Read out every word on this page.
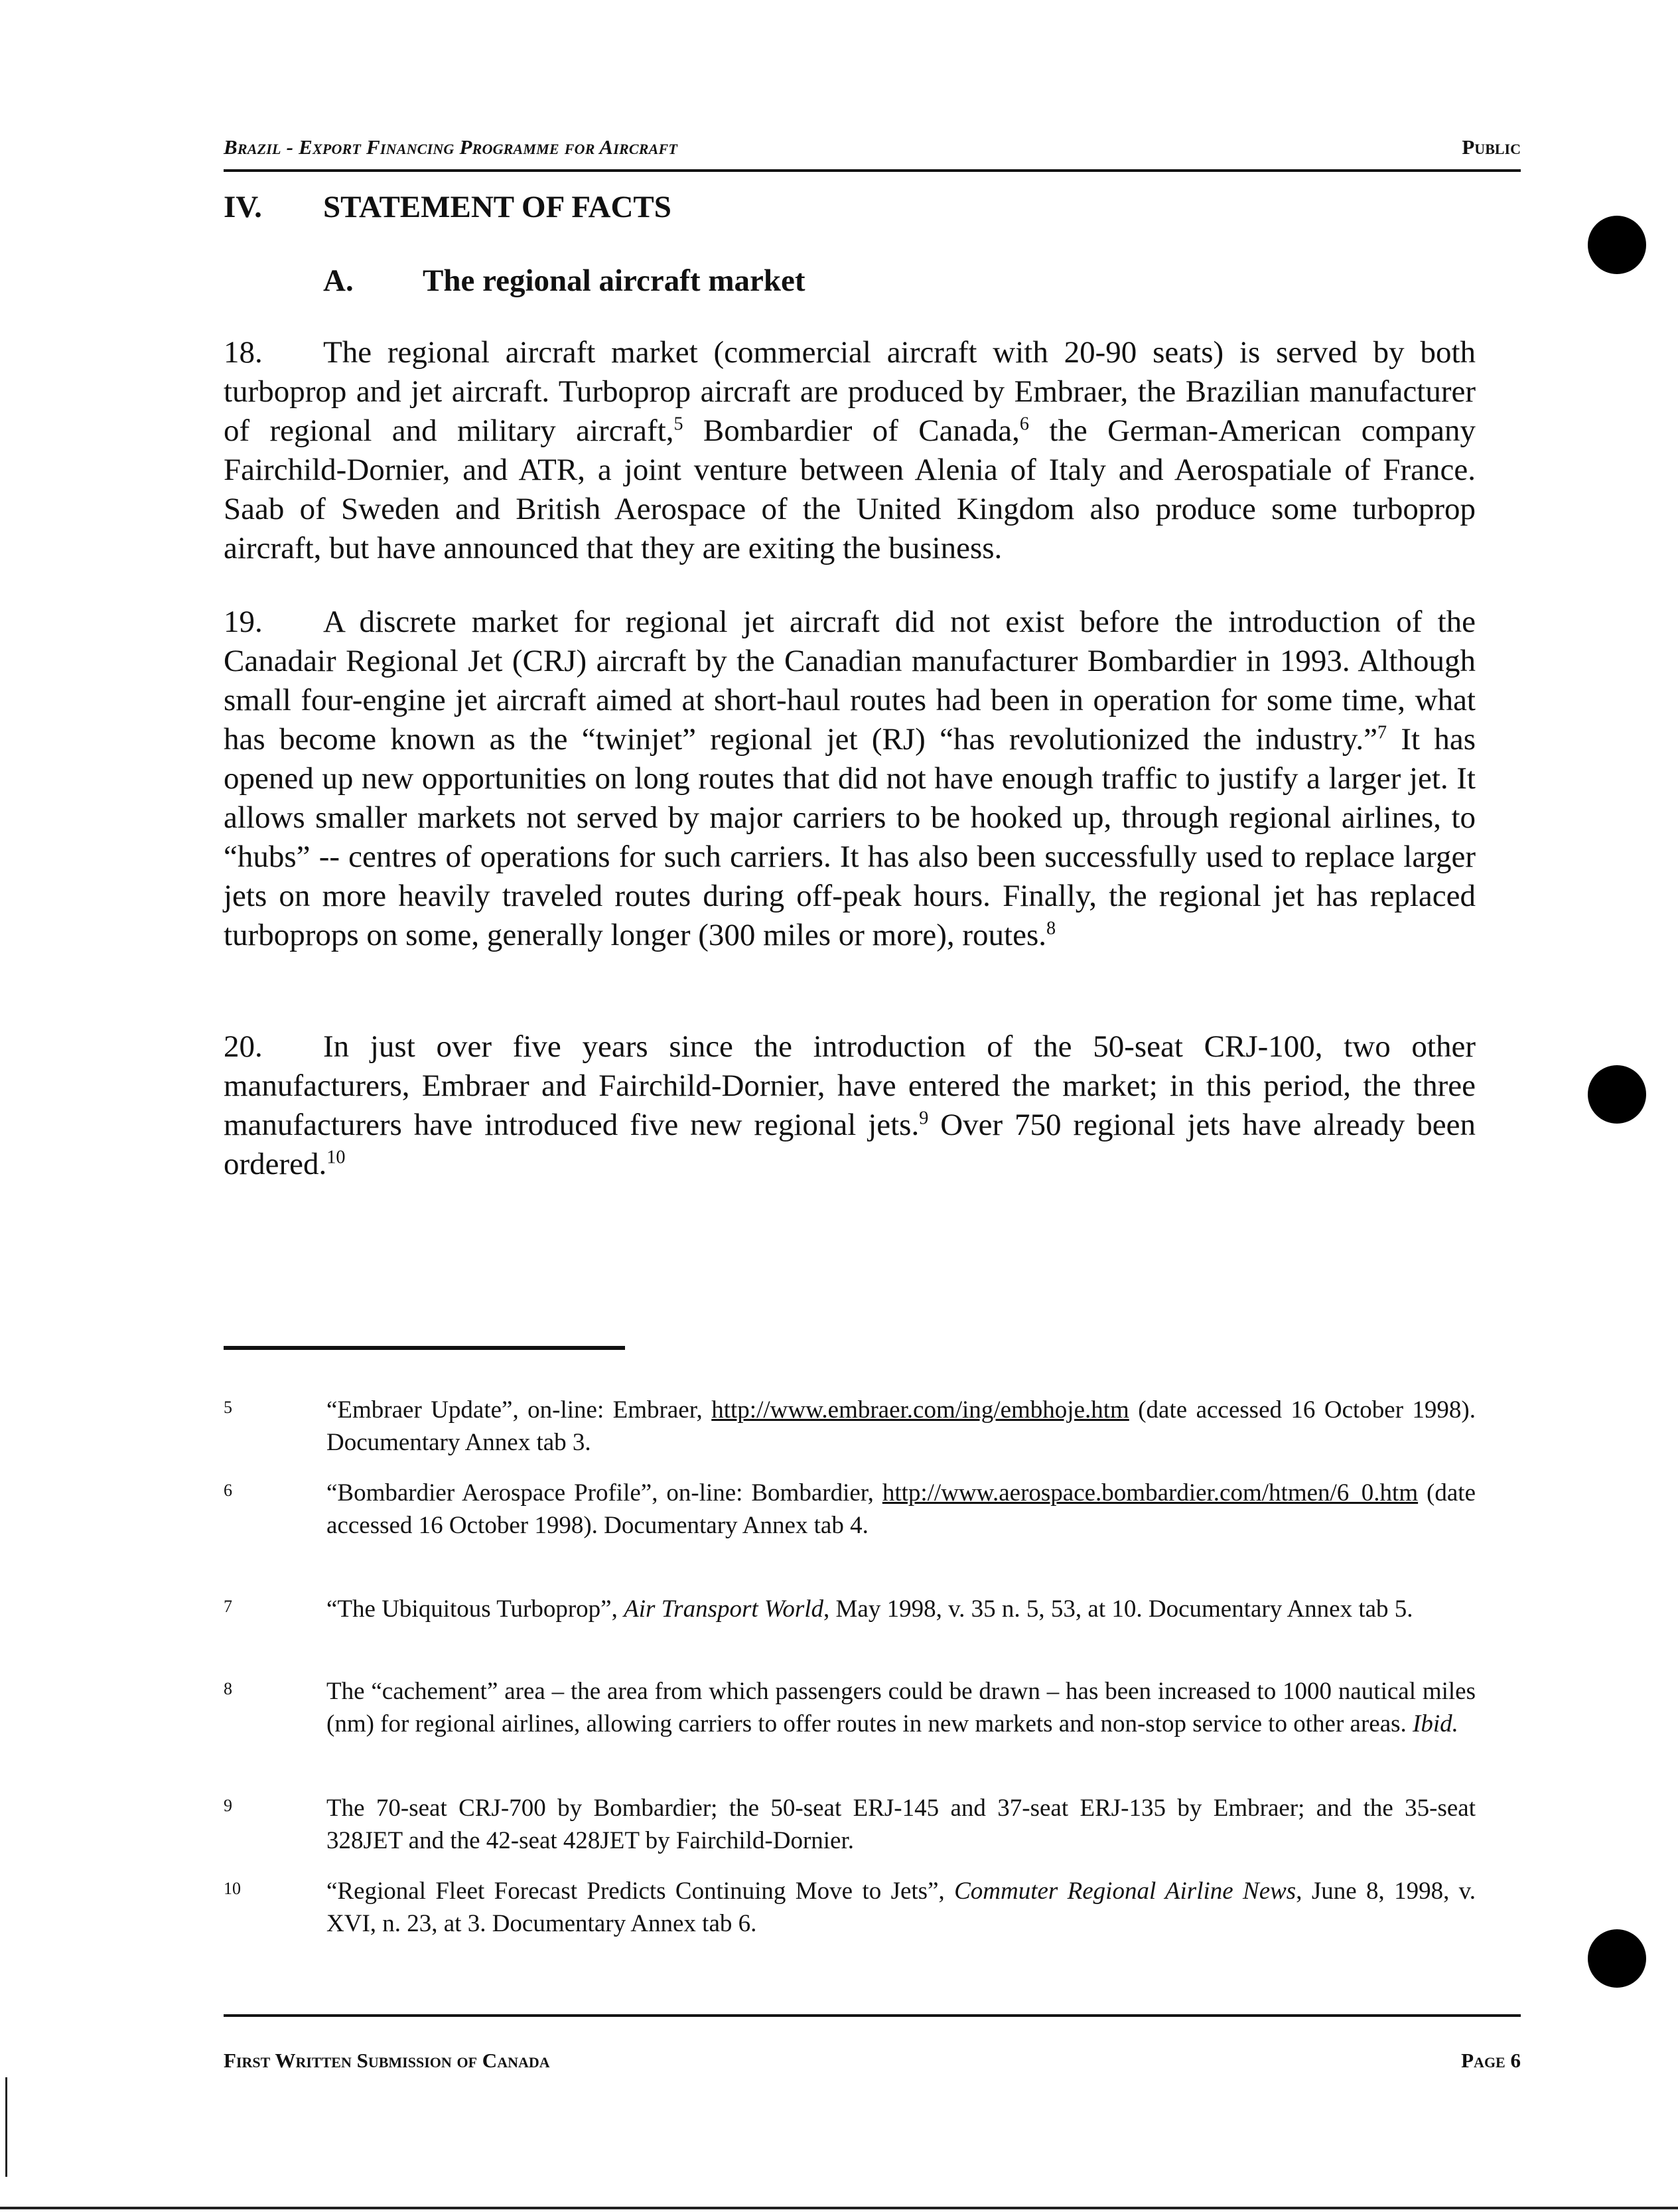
Brazil - Export Financing Programme for Aircraft	Public
IV. STATEMENT OF FACTS
A. The regional aircraft market
18. The regional aircraft market (commercial aircraft with 20-90 seats) is served by both turboprop and jet aircraft. Turboprop aircraft are produced by Embraer, the Brazilian manufacturer of regional and military aircraft,$^5$ Bombardier of Canada,$^6$ the German-American company Fairchild-Dornier, and ATR, a joint venture between Alenia of Italy and Aerospatiale of France. Saab of Sweden and British Aerospace of the United Kingdom also produce some turboprop aircraft, but have announced that they are exiting the business.
19. A discrete market for regional jet aircraft did not exist before the introduction of the Canadair Regional Jet (CRJ) aircraft by the Canadian manufacturer Bombardier in 1993. Although small four-engine jet aircraft aimed at short-haul routes had been in operation for some time, what has become known as the “twinjet” regional jet (RJ) “has revolutionized the industry.”$^7$ It has opened up new opportunities on long routes that did not have enough traffic to justify a larger jet. It allows smaller markets not served by major carriers to be hooked up, through regional airlines, to “hubs” -- centres of operations for such carriers. It has also been successfully used to replace larger jets on more heavily traveled routes during off-peak hours. Finally, the regional jet has replaced turboprops on some, generally longer (300 miles or more), routes.$^8$
20. In just over five years since the introduction of the 50-seat CRJ-100, two other manufacturers, Embraer and Fairchild-Dornier, have entered the market; in this period, the three manufacturers have introduced five new regional jets.$^9$ Over 750 regional jets have already been ordered.$^{10}$
5	“Embraer Update”, on-line: Embraer, http://www.embraer.com/ing/embhoje.htm (date accessed 16 October 1998). Documentary Annex tab 3.
6	“Bombardier Aerospace Profile”, on-line: Bombardier, http://www.aerospace.bombardier.com/htmen/6_0.htm (date accessed 16 October 1998). Documentary Annex tab 4.
7	“The Ubiquitous Turboprop”, Air Transport World, May 1998, v. 35 n. 5, 53, at 10. Documentary Annex tab 5.
8	The “cachement” area – the area from which passengers could be drawn – has been increased to 1000 nautical miles (nm) for regional airlines, allowing carriers to offer routes in new markets and non-stop service to other areas. Ibid.
9	The 70-seat CRJ-700 by Bombardier; the 50-seat ERJ-145 and 37-seat ERJ-135 by Embraer; and the 35-seat 328JET and the 42-seat 428JET by Fairchild-Dornier.
10	“Regional Fleet Forecast Predicts Continuing Move to Jets”, Commuter Regional Airline News, June 8, 1998, v. XVI, n. 23, at 3. Documentary Annex tab 6.
First Written Submission of Canada	Page 6
